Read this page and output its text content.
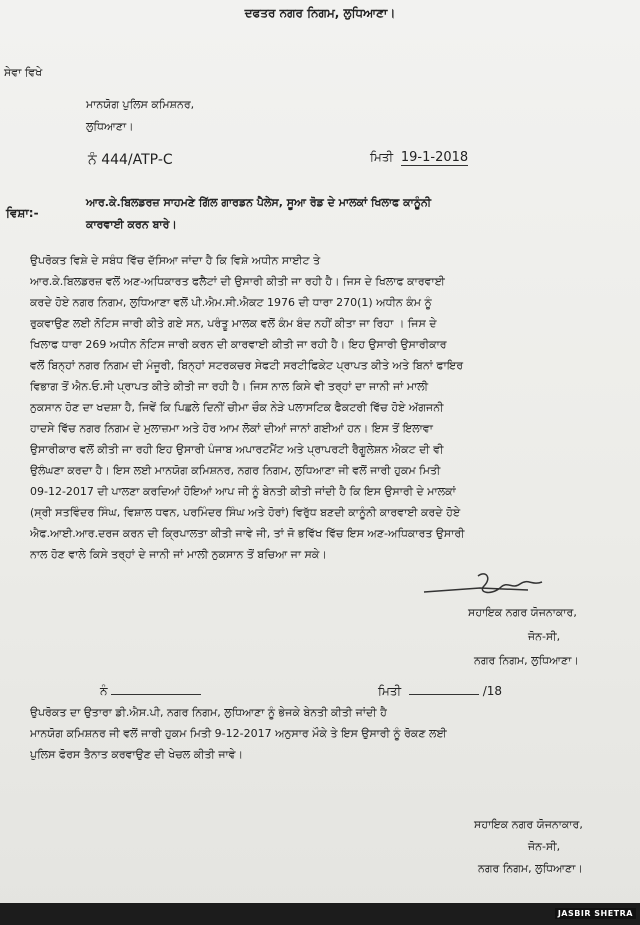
ਦਫਤਰ ਨਗਰ ਨਿਗਮ, ਲੁਧਿਆਣਾ।
ਸੇਵਾ ਵਿਖੇ
ਮਾਨਯੋਗ ਪੁਲਿਸ ਕਮਿਸ਼ਨਰ,
ਲੁਧਿਆਣਾ।
ਨੰ 444/ATP-C	ਮਿਤੀ 19-1-2018
ਵਿਸ਼ਾ:-
ਆਰ.ਕੇ.ਬਿਲਡਰਜ਼ ਸਾਹਮਣੇ ਗਿੱਲ ਗਾਰਡਨ ਪੈਲੇਸ, ਸੂਆ ਰੋਡ ਦੇ ਮਾਲਕਾਂ ਖਿਲਾਫ ਕਾਨੂੰਨੀ
ਕਾਰਵਾਈ ਕਰਨ ਬਾਰੇ।
ਉਪਰੋਕਤ ਵਿਸ਼ੇ ਦੇ ਸਬੰਧ ਵਿੱਚ ਦੱਸਿਆ ਜਾਂਦਾ ਹੈ ਕਿ ਵਿਸ਼ੇ ਅਧੀਨ ਸਾਈਟ ਤੇ
ਆਰ.ਕੇ.ਬਿਲਡਰਜ਼ ਵਲੋਂ ਅਣ-ਅਧਿਕਾਰਤ ਫਲੈਟਾਂ ਦੀ ਉਸਾਰੀ ਕੀਤੀ ਜਾ ਰਹੀ ਹੈ। ਜਿਸ ਦੇ ਖਿਲਾਫ ਕਾਰਵਾਈ
ਕਰਦੇ ਹੋਏ ਨਗਰ ਨਿਗਮ, ਲੁਧਿਆਣਾ ਵਲੋਂ ਪੀ.ਐਮ.ਸੀ.ਐਕਟ 1976 ਦੀ ਧਾਰਾ 270(1) ਅਧੀਨ ਕੰਮ ਨੂੰ
ਰੁਕਵਾਉਣ ਲਈ ਨੋਟਿਸ ਜਾਰੀ ਕੀਤੇ ਗਏ ਸਨ, ਪਰੰਤੂ ਮਾਲਕ ਵਲੋਂ ਕੰਮ ਬੰਦ ਨਹੀਂ ਕੀਤਾ ਜਾ ਰਿਹਾ । ਜਿਸ ਦੇ
ਖਿਲਾਫ ਧਾਰਾ 269 ਅਧੀਨ ਨੋਟਿਸ ਜਾਰੀ ਕਰਨ ਦੀ ਕਾਰਵਾਈ ਕੀਤੀ ਜਾ ਰਹੀ ਹੈ। ਇਹ ਉਸਾਰੀ ਉਸਾਰੀਕਾਰ
ਵਲੋਂ ਬਿਨ੍ਹਾਂ ਨਗਰ ਨਿਗਮ ਦੀ ਮੰਜੂਰੀ, ਬਿਨ੍ਹਾਂ ਸਟਰਕਚਰ ਸੇਫਟੀ ਸਰਟੀਫਿਕੇਟ ਪ੍ਰਾਪਤ ਕੀਤੇ ਅਤੇ ਬਿਨਾਂ ਫਾਇਰ
ਵਿਭਾਗ ਤੋਂ ਐਨ.ਓ.ਸੀ ਪ੍ਰਾਪਤ ਕੀਤੇ ਕੀਤੀ ਜਾ ਰਹੀ ਹੈ। ਜਿਸ ਨਾਲ ਕਿਸੇ ਵੀ ਤਰ੍ਹਾਂ ਦਾ ਜਾਨੀ ਜਾਂ ਮਾਲੀ
ਨੁਕਸਾਨ ਹੋਣ ਦਾ ਖਦਸ਼ਾ ਹੈ, ਜਿਵੇਂ ਕਿ ਪਿਛਲੇ ਦਿਨੀਂ ਚੀਮਾ ਚੌਕ ਨੇੜੇ ਪਲਾਸਟਿਕ ਫੈਕਟਰੀ ਵਿੱਚ ਹੋਏ ਅੱਗਜਨੀ
ਹਾਦਸੇ ਵਿੱਚ ਨਗਰ ਨਿਗਮ ਦੇ ਮੁਲਾਜ਼ਮਾ ਅਤੇ ਹੋਰ ਆਮ ਲੋਕਾਂ ਦੀਆਂ ਜਾਨਾਂ ਗਈਆਂ ਹਨ। ਇਸ ਤੋਂ ਇਲਾਵਾ
ਉਸਾਰੀਕਾਰ ਵਲੋਂ ਕੀਤੀ ਜਾ ਰਹੀ ਇਹ ਉਸਾਰੀ ਪੰਜਾਬ ਅਪਾਰਟਮੈਂਟ ਅਤੇ ਪ੍ਰਾਪਰਟੀ ਰੈਗੂਲੇਸ਼ਨ ਐਕਟ ਦੀ ਵੀ
ਉਲੰਘਣਾ ਕਰਦਾ ਹੈ। ਇਸ ਲਈ ਮਾਨਯੋਗ ਕਮਿਸ਼ਨਰ, ਨਗਰ ਨਿਗਮ, ਲੁਧਿਆਣਾ ਜੀ ਵਲੋਂ ਜਾਰੀ ਹੁਕਮ ਮਿਤੀ
09-12-2017 ਦੀ ਪਾਲਣਾ ਕਰਦਿਆਂ ਹੋਇਆਂ ਆਪ ਜੀ ਨੂੰ ਬੇਨਤੀ ਕੀਤੀ ਜਾਂਦੀ ਹੈ ਕਿ ਇਸ ਉਸਾਰੀ ਦੇ ਮਾਲਕਾਂ
(ਸ੍ਰੀ ਸਤਵਿੰਦਰ ਸਿੰਘ, ਵਿਸ਼ਾਲ ਧਵਨ, ਪਰਮਿੰਦਰ ਸਿੰਘ ਅਤੇ ਹੋਰਾਂ) ਵਿਰੁੱਧ ਬਣਦੀ ਕਾਨੂੰਨੀ ਕਾਰਵਾਈ ਕਰਦੇ ਹੋਏ
ਐਫ.ਆਈ.ਆਰ.ਦਰਜ ਕਰਨ ਦੀ ਕ੍ਰਿਪਾਲਤਾ ਕੀਤੀ ਜਾਵੇ ਜੀ, ਤਾਂ ਜੋ ਭਵਿੱਖ ਵਿੱਚ ਇਸ ਅਣ-ਅਧਿਕਾਰਤ ਉਸਾਰੀ
ਨਾਲ ਹੋਣ ਵਾਲੇ ਕਿਸੇ ਤਰ੍ਹਾਂ ਦੇ ਜਾਨੀ ਜਾਂ ਮਾਲੀ ਨੁਕਸਾਨ ਤੋਂ ਬਚਿਆ ਜਾ ਸਕੇ।
ਸਹਾਇਕ ਨਗਰ ਯੋਜਨਾਕਾਰ,
ਜੋਨ-ਸੀ,
ਨਗਰ ਨਿਗਮ, ਲੁਧਿਆਣਾ।
ਨੰ	ਮਿਤੀ	/18
ਉਪਰੋਕਤ ਦਾ ਉਤਾਰਾ ਡੀ.ਐਸ.ਪੀ, ਨਗਰ ਨਿਗਮ, ਲੁਧਿਆਣਾ ਨੂੰ ਭੇਜਕੇ ਬੇਨਤੀ ਕੀਤੀ ਜਾਂਦੀ ਹੈ
ਮਾਨਯੋਗ ਕਮਿਸ਼ਨਰ ਜੀ ਵਲੋਂ ਜਾਰੀ ਹੁਕਮ ਮਿਤੀ 9-12-2017 ਅਨੁਸਾਰ ਮੌਕੇ ਤੇ ਇਸ ਉਸਾਰੀ ਨੂੰ ਰੋਕਣ ਲਈ
ਪੁਲਿਸ ਫੋਰਸ ਤੈਨਾਤ ਕਰਵਾਉਣ ਦੀ ਖੇਚਲ ਕੀਤੀ ਜਾਵੇ।
ਸਹਾਇਕ ਨਗਰ ਯੋਜਨਾਕਾਰ,
ਜੋਨ-ਸੀ,
ਨਗਰ ਨਿਗਮ, ਲੁਧਿਆਣਾ।
JASBIR SHETRA
